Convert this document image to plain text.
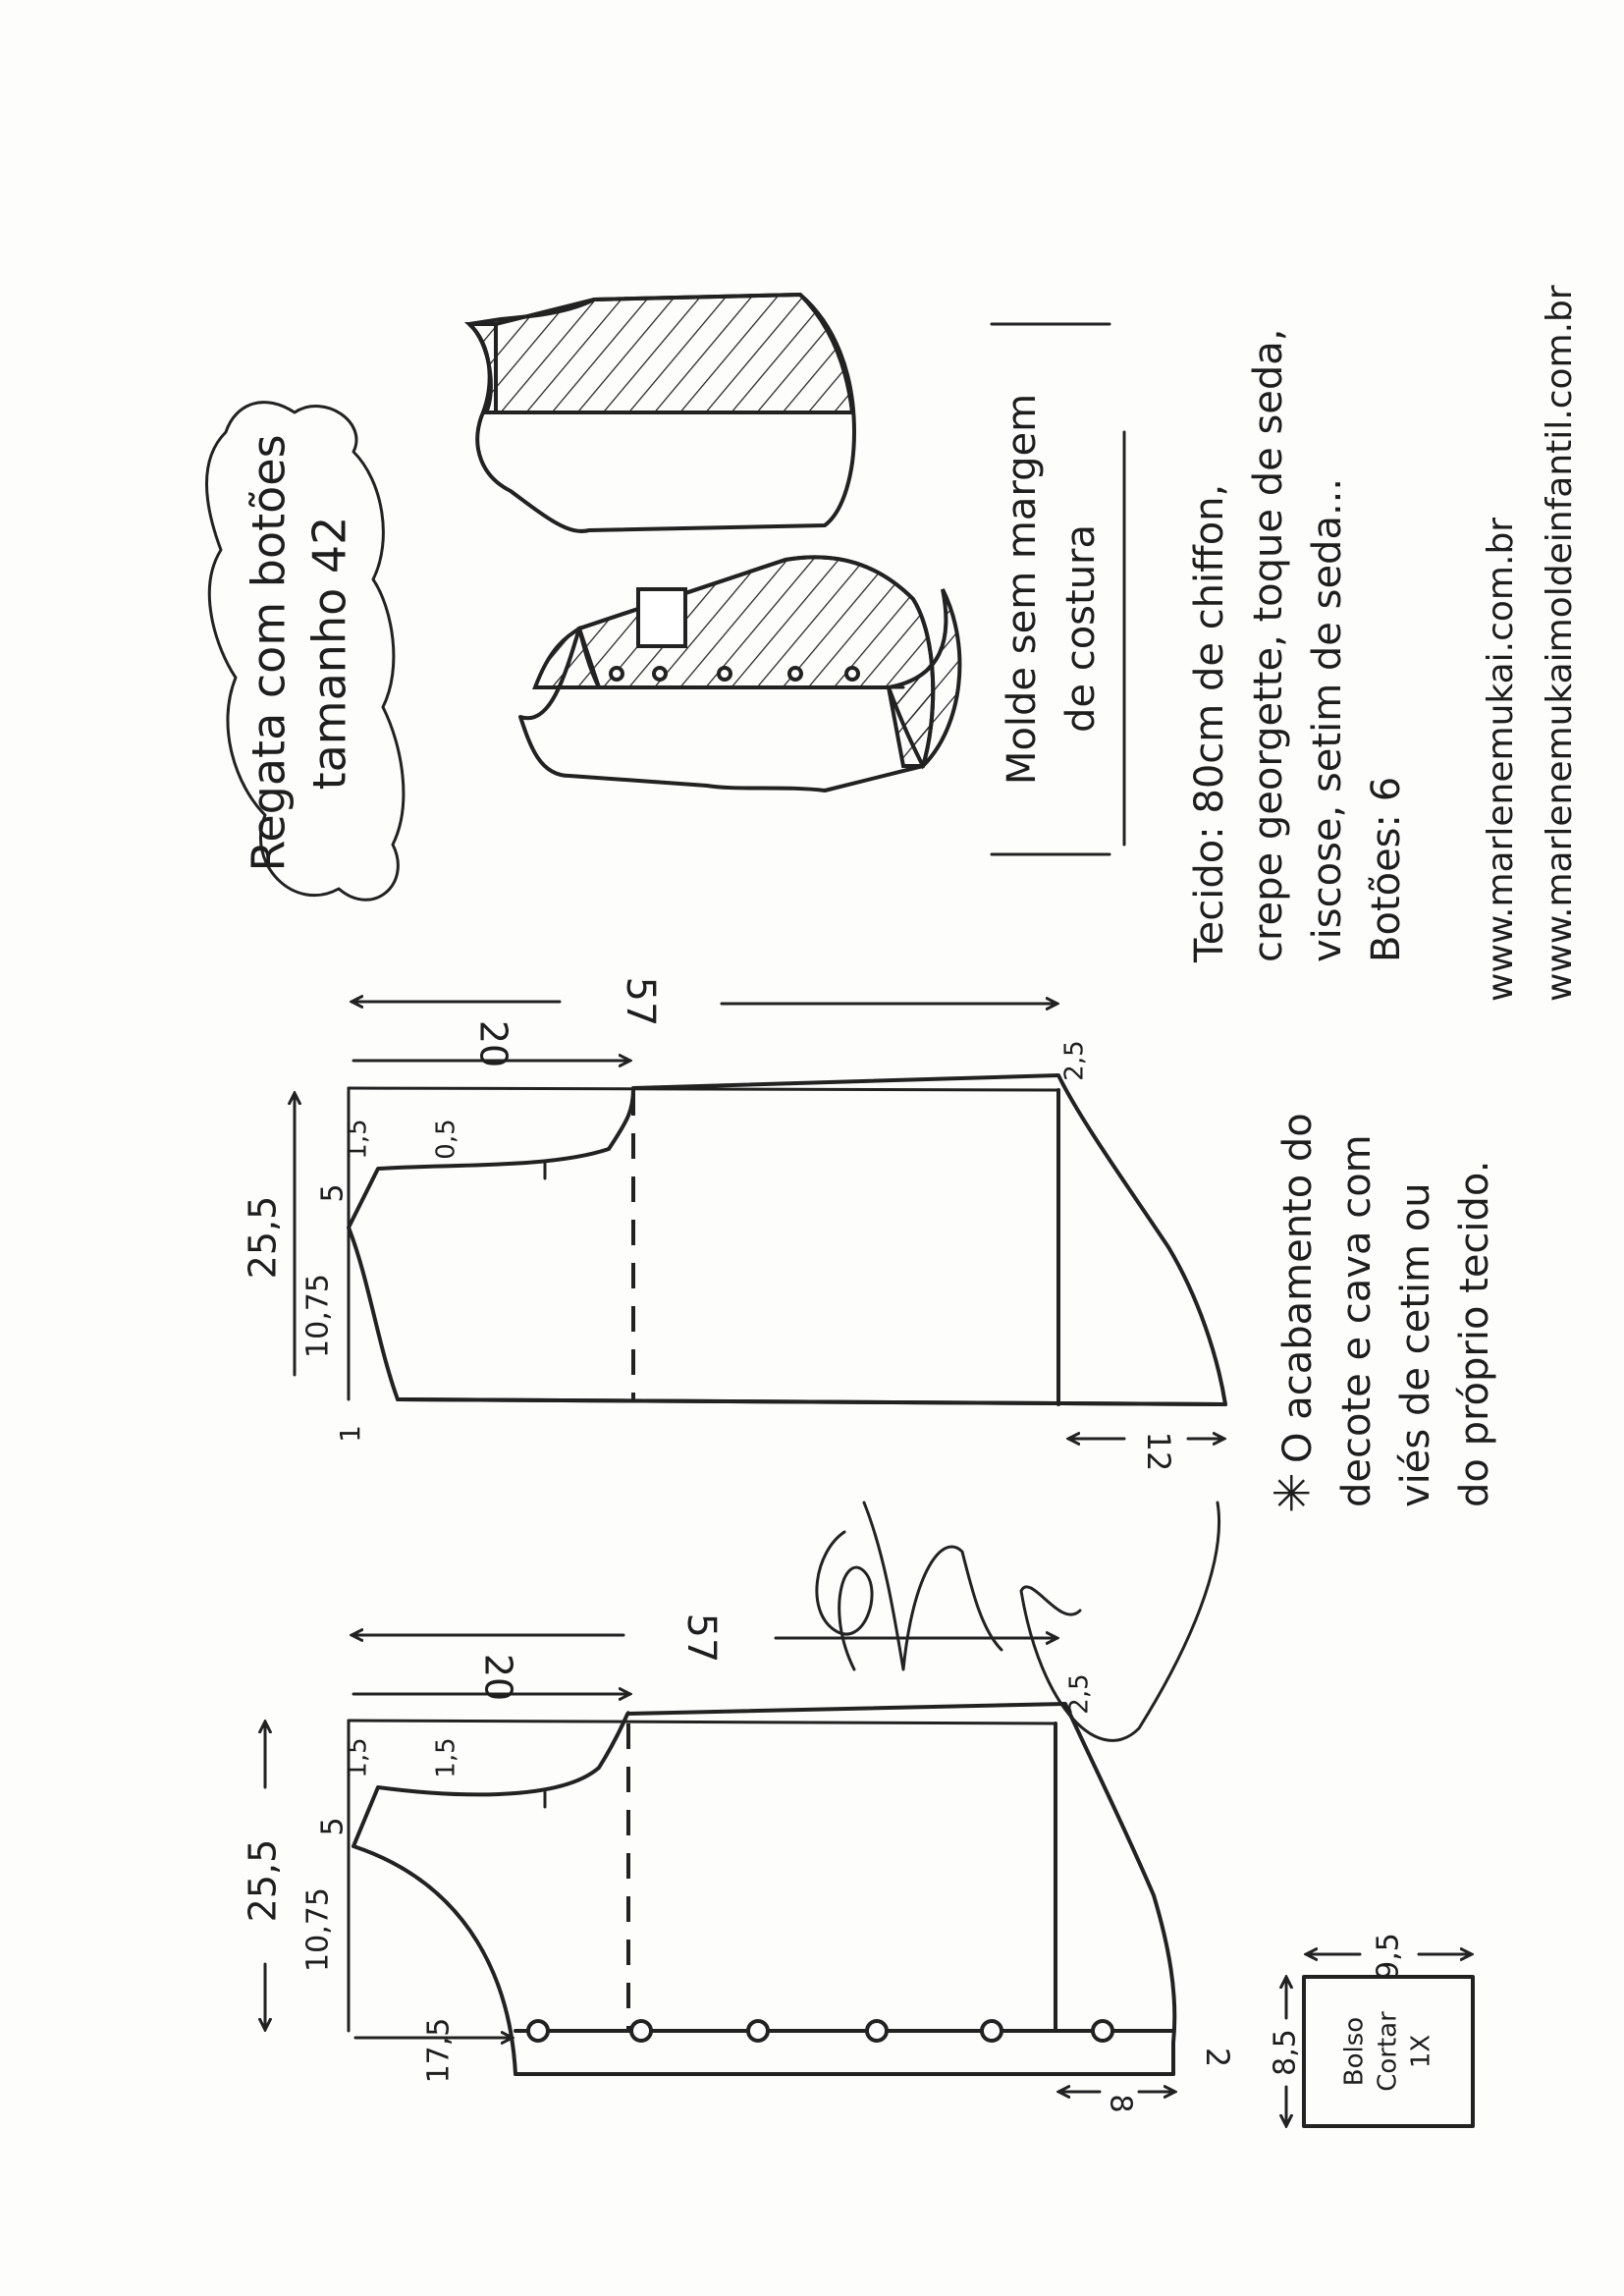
Regata com botões tamanho 42	Molde sem margem de costura Tecido: 80cm de chiffon, crepe georgette, toque de seda, viscose, setim de seda... Botões: 6 www.marlenemukai.com.br www.marlenemukaimoldeinfantil.com.br
✳
O acabamento do decote e cava com viés de cetim ou do próprio tecido.
57
20
25,5
10,75
5
1,5 0,5
2,5
12
1
57
20
25,5
10,75
5
1,5 1,5
2,5
17,5
8
2	Bolso Cortar 1X
8,5
9,5
